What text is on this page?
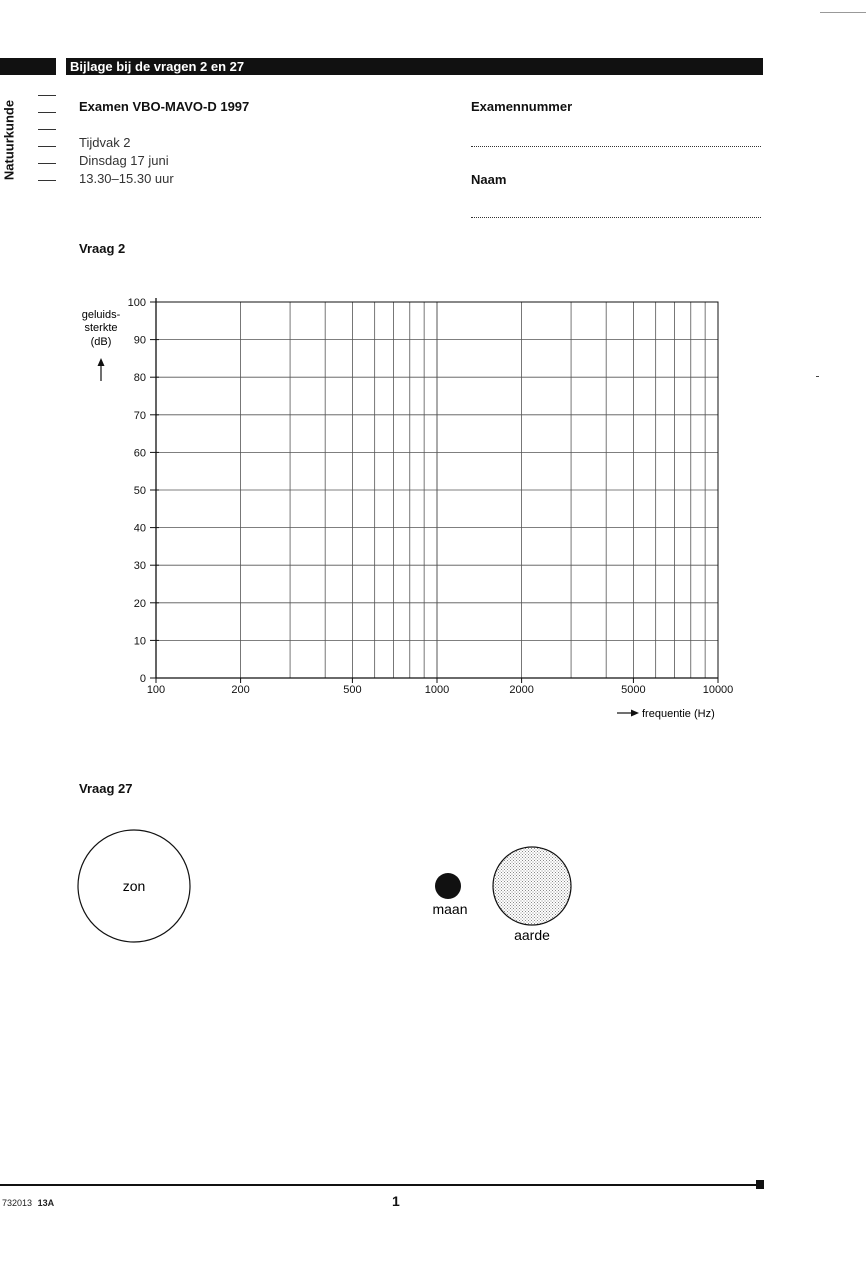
Bijlage bij de vragen 2 en 27
Natuurkunde	Examen VBO-MAVO-D 1997
Tijdvak 2
Dinsdag 17 juni
13.30–15.30 uur
Examennummer
Naam
Vraag 2
0
10
20
30
40
50
60
70
80
90
100
100	200	500	1000	2000	5000	10000
geluids-
sterkte
(dB)
frequentie (Hz)
Vraag 27
zon
maan
aarde
732013 13A	1
